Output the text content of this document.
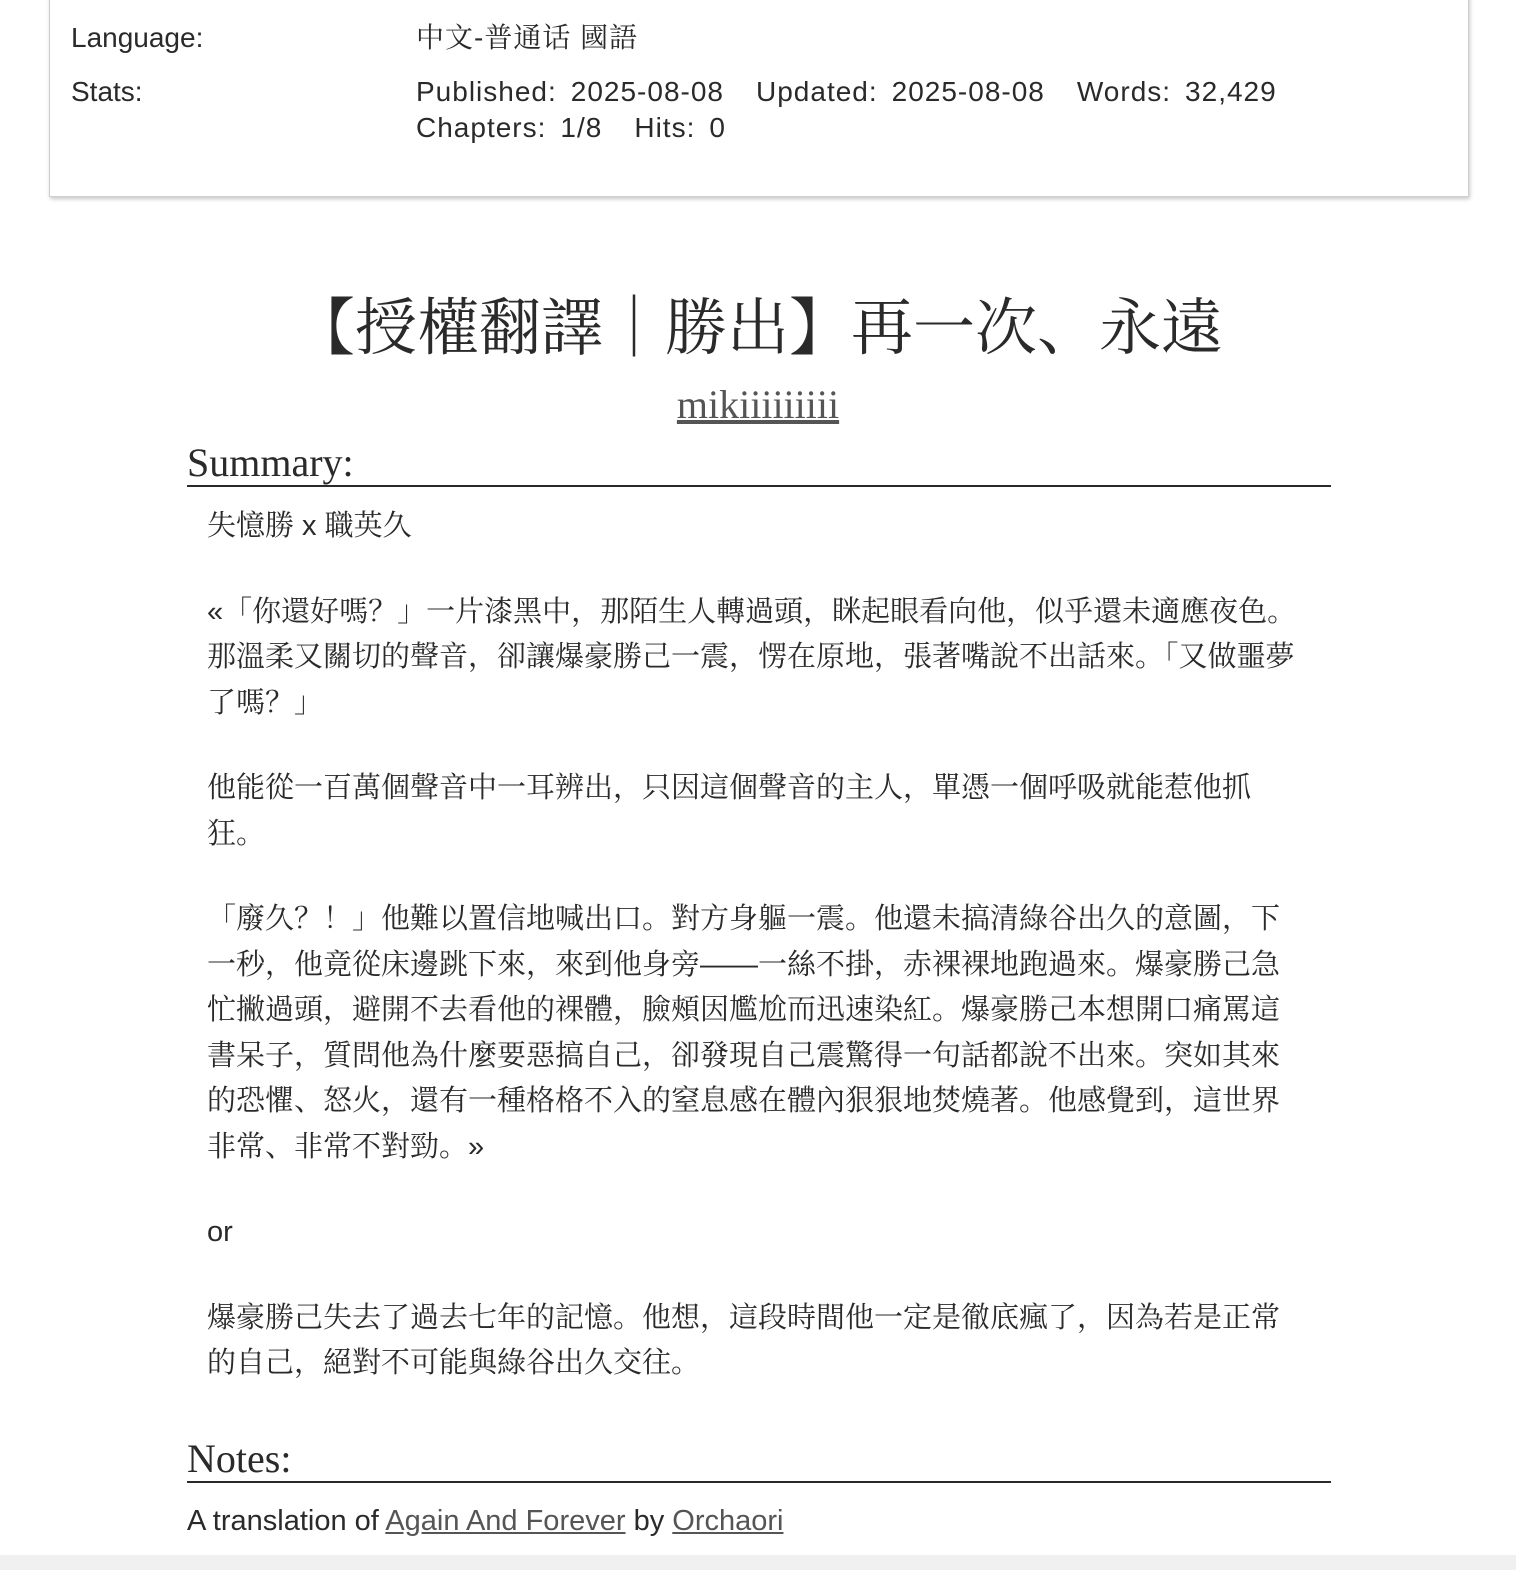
Language:	中文-普通话 國語
Stats:	Published: 2025-08-08 Updated: 2025-08-08 Words: 32,429
Chapters: 1/8 Hits: 0
【授權翻譯｜勝出】再一次、永遠
mikiiiiiiiii
Summary:

失憶勝 x 職英久

«「你還好嗎？」一片漆黑中，那陌生人轉過頭，眯起眼看向他，似乎還未適應夜色。那溫柔又關切的聲音，卻讓爆豪勝己一震，愣在原地，張著嘴說不出話來。「又做噩夢了嗎？」

他能從一百萬個聲音中一耳辨出，只因這個聲音的主人，單憑一個呼吸就能惹他抓狂。

「廢久？！」他難以置信地喊出口。對方身軀一震。他還未搞清綠谷出久的意圖，下一秒，他竟從床邊跳下來，來到他身旁——一絲不掛，赤裸裸地跑過來。爆豪勝己急忙撇過頭，避開不去看他的裸體，臉頰因尷尬而迅速染紅。爆豪勝己本想開口痛罵這書呆子，質問他為什麼要惡搞自己，卻發現自己震驚得一句話都說不出來。突如其來的恐懼、怒火，還有一種格格不入的窒息感在體內狠狠地焚燒著。他感覺到，這世界非常、非常不對勁。»

or

爆豪勝己失去了過去七年的記憶。他想，這段時間他一定是徹底瘋了，因為若是正常的自己，絕對不可能與綠谷出久交往。

Notes:
A translation of Again And Forever by Orchaori
